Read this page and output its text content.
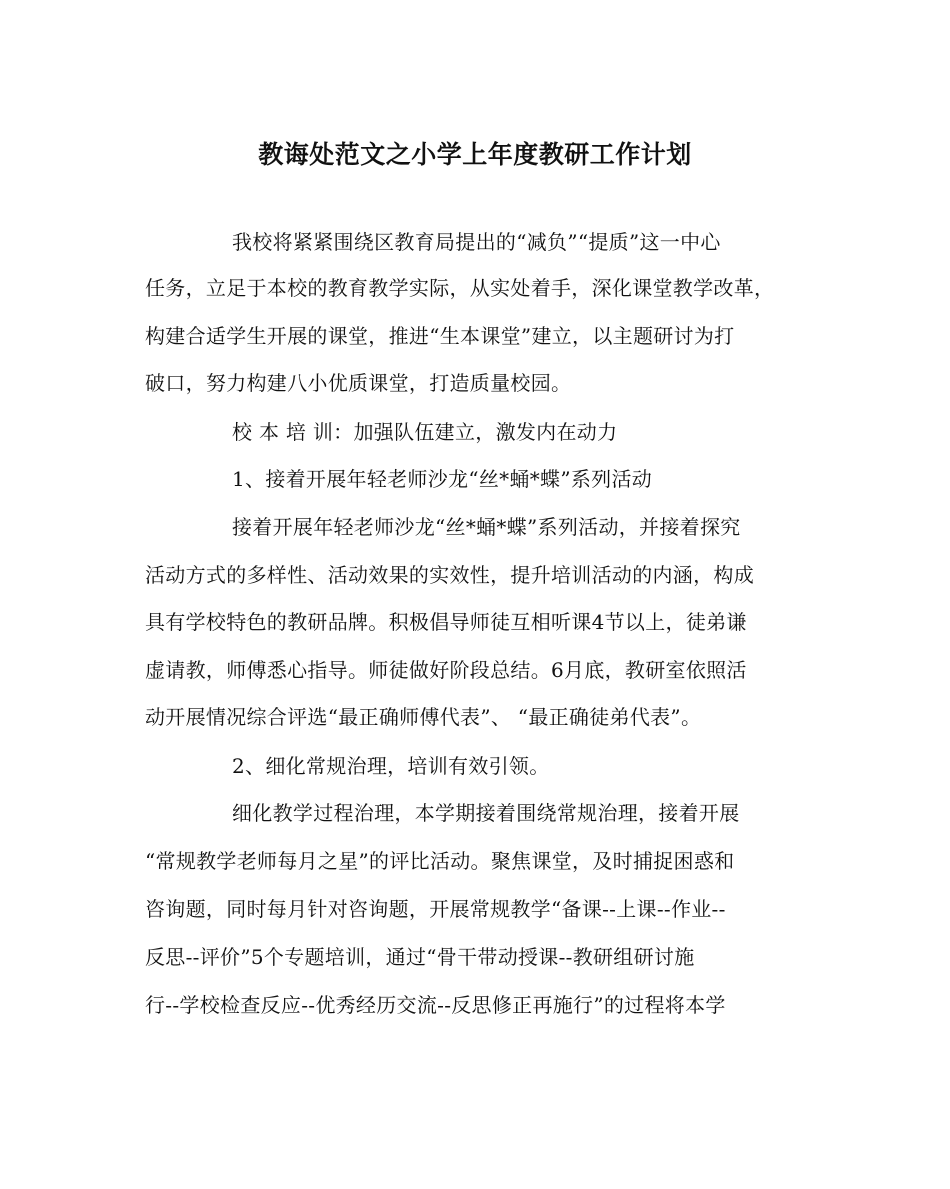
教诲处范文之小学上年度教研工作计划
我校将紧紧围绕区教育局提出的“减负”“提质”这一中心
任务，立足于本校的教育教学实际，从实处着手，深化课堂教学改革，
构建合适学生开展的课堂，推进“生本课堂”建立，以主题研讨为打
破口，努力构建八小优质课堂，打造质量校园。
校 本 培 训：加强队伍建立，激发内在动力
1、接着开展年轻老师沙龙“丝*蛹*蝶”系列活动
接着开展年轻老师沙龙“丝*蛹*蝶”系列活动，并接着探究
活动方式的多样性、活动效果的实效性，提升培训活动的内涵，构成
具有学校特色的教研品牌。积极倡导师徒互相听课4节以上，徒弟谦
虚请教，师傅悉心指导。师徒做好阶段总结。6月底，教研室依照活
动开展情况综合评选“最正确师傅代表”、 “最正确徒弟代表”。
2、细化常规治理，培训有效引领。
细化教学过程治理，本学期接着围绕常规治理，接着开展
“常规教学老师每月之星”的评比活动。聚焦课堂，及时捕捉困惑和
咨询题，同时每月针对咨询题，开展常规教学“备课--上课--作业--
反思--评价”5个专题培训，通过“骨干带动授课--教研组研讨施
行--学校检查反应--优秀经历交流--反思修正再施行”的过程将本学
